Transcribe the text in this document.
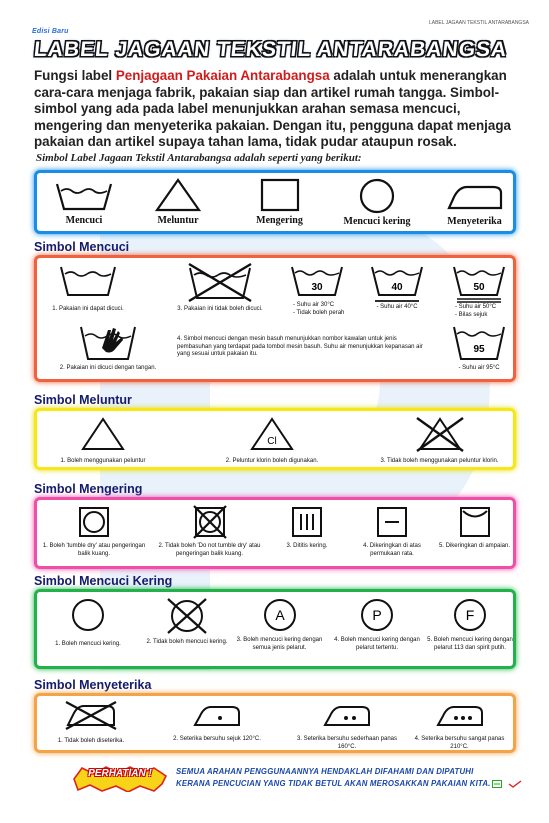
Edisi Baru
LABEL JAGAAN TEKSTIL ANTARABANGSA
LABEL JAGAAN TEKSTIL ANTARABANGSA

Fungsi label Penjagaan Pakaian Antarabangsa adalah untuk menerangkan cara-cara menjaga fabrik, pakaian siap dan artikel rumah tangga. Simbol-simbol yang ada pada label menunjukkan arahan semasa mencuci, mengering dan menyeterika pakaian. Dengan itu, pengguna dapat menjaga pakaian dan artikel supaya tahan lama, tidak pudar ataupun rosak.

Simbol Label Jagaan Tekstil Antarabangsa adalah seperti yang berikut:
Mencuci	Meluntur	Mengering	Mencuci kering	Menyeterika
Simbol Mencuci
1. Pakaian ini dapat dicuci.	3. Pakaian ini tidak boleh dicuci.
30
- Suhu air 30°C
- Tidak boleh perah
40
- Suhu air 40°C
50
- Suhu air 50°C
- Bilas sejuk
2. Pakaian ini dicuci dengan tangan.
4. Simbol mencuci dengan mesin basuh menunjukkan nombor kawalan untuk jenis pembasuhan yang terdapat pada tombol mesin basuh. Suhu air menunjukkan kepanasan air yang sesuai untuk pakaian itu.	95
- Suhu air 95°C
Simbol Meluntur
1. Boleh menggunakan peluntur
Cl
2. Peluntur klorin boleh digunakan.	3. Tidak boleh menggunakan peluntur klorin.
Simbol Mengering
1. Boleh 'tumble dry' atau pengeringan balik kuang.
2. Tidak boleh 'Do not tumble dry' atau pengeringan balik kuang.
3. Dititis kering.	4. Dikeringkan di atas permukaan rata.
5. Dikeringkan di ampaian.
Simbol Mencuci Kering
1. Boleh mencuci kering.	2. Tidak boleh mencuci kering.
A
3. Boleh mencuci kering dengan semua jenis pelarut.
P
4. Boleh mencuci kering dengan pelarut tertentu.
F
5. Boleh mencuci kering dengan pelarut 113 dan spirit putih.
Simbol Menyeterika
1. Tidak boleh diseterika.	2. Seterika bersuhu sejuk 120°C.	3. Seterika bersuhu sederhaan panas 160°C.
4. Seterika bersuhu sangat panas 210°C.
PERHATIAN !	SEMUA ARAHAN PENGGUNAANNYA HENDAKLAH DIFAHAMI DAN DIPATUHI
KERANA PENCUCIAN YANG TIDAK BETUL AKAN MEROSAKKAN PAKAIAN KITA.
